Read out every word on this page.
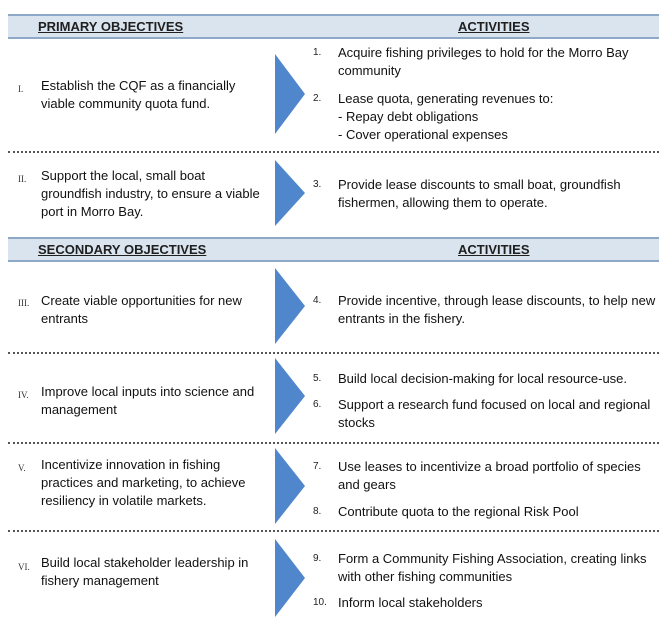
PRIMARY OBJECTIVES	ACTIVITIES
I. Establish the CQF as a financially viable community quota fund.
1.	Acquire fishing privileges to hold for the Morro Bay community
2.	Lease quota, generating revenues to:
- Repay debt obligations
- Cover operational expenses
II. Support the local, small boat groundfish industry, to ensure a viable port in Morro Bay.
3.	Provide lease discounts to small boat, groundfish fishermen, allowing them to operate.
SECONDARY OBJECTIVES	ACTIVITIES
III. Create viable opportunities for new entrants
4.	Provide incentive, through lease discounts, to help new entrants in the fishery.
IV. Improve local inputs into science and management
5.	Build local decision-making for local resource-use.
6.	Support a research fund focused on local and regional stocks
V. Incentivize innovation in fishing practices and marketing, to achieve resiliency in volatile markets.
7.	Use leases to incentivize a broad portfolio of species and gears
8.	Contribute quota to the regional Risk Pool
VI. Build local stakeholder leadership in fishery management
9.	Form a Community Fishing Association, creating links with other fishing communities
10. Inform local stakeholders
